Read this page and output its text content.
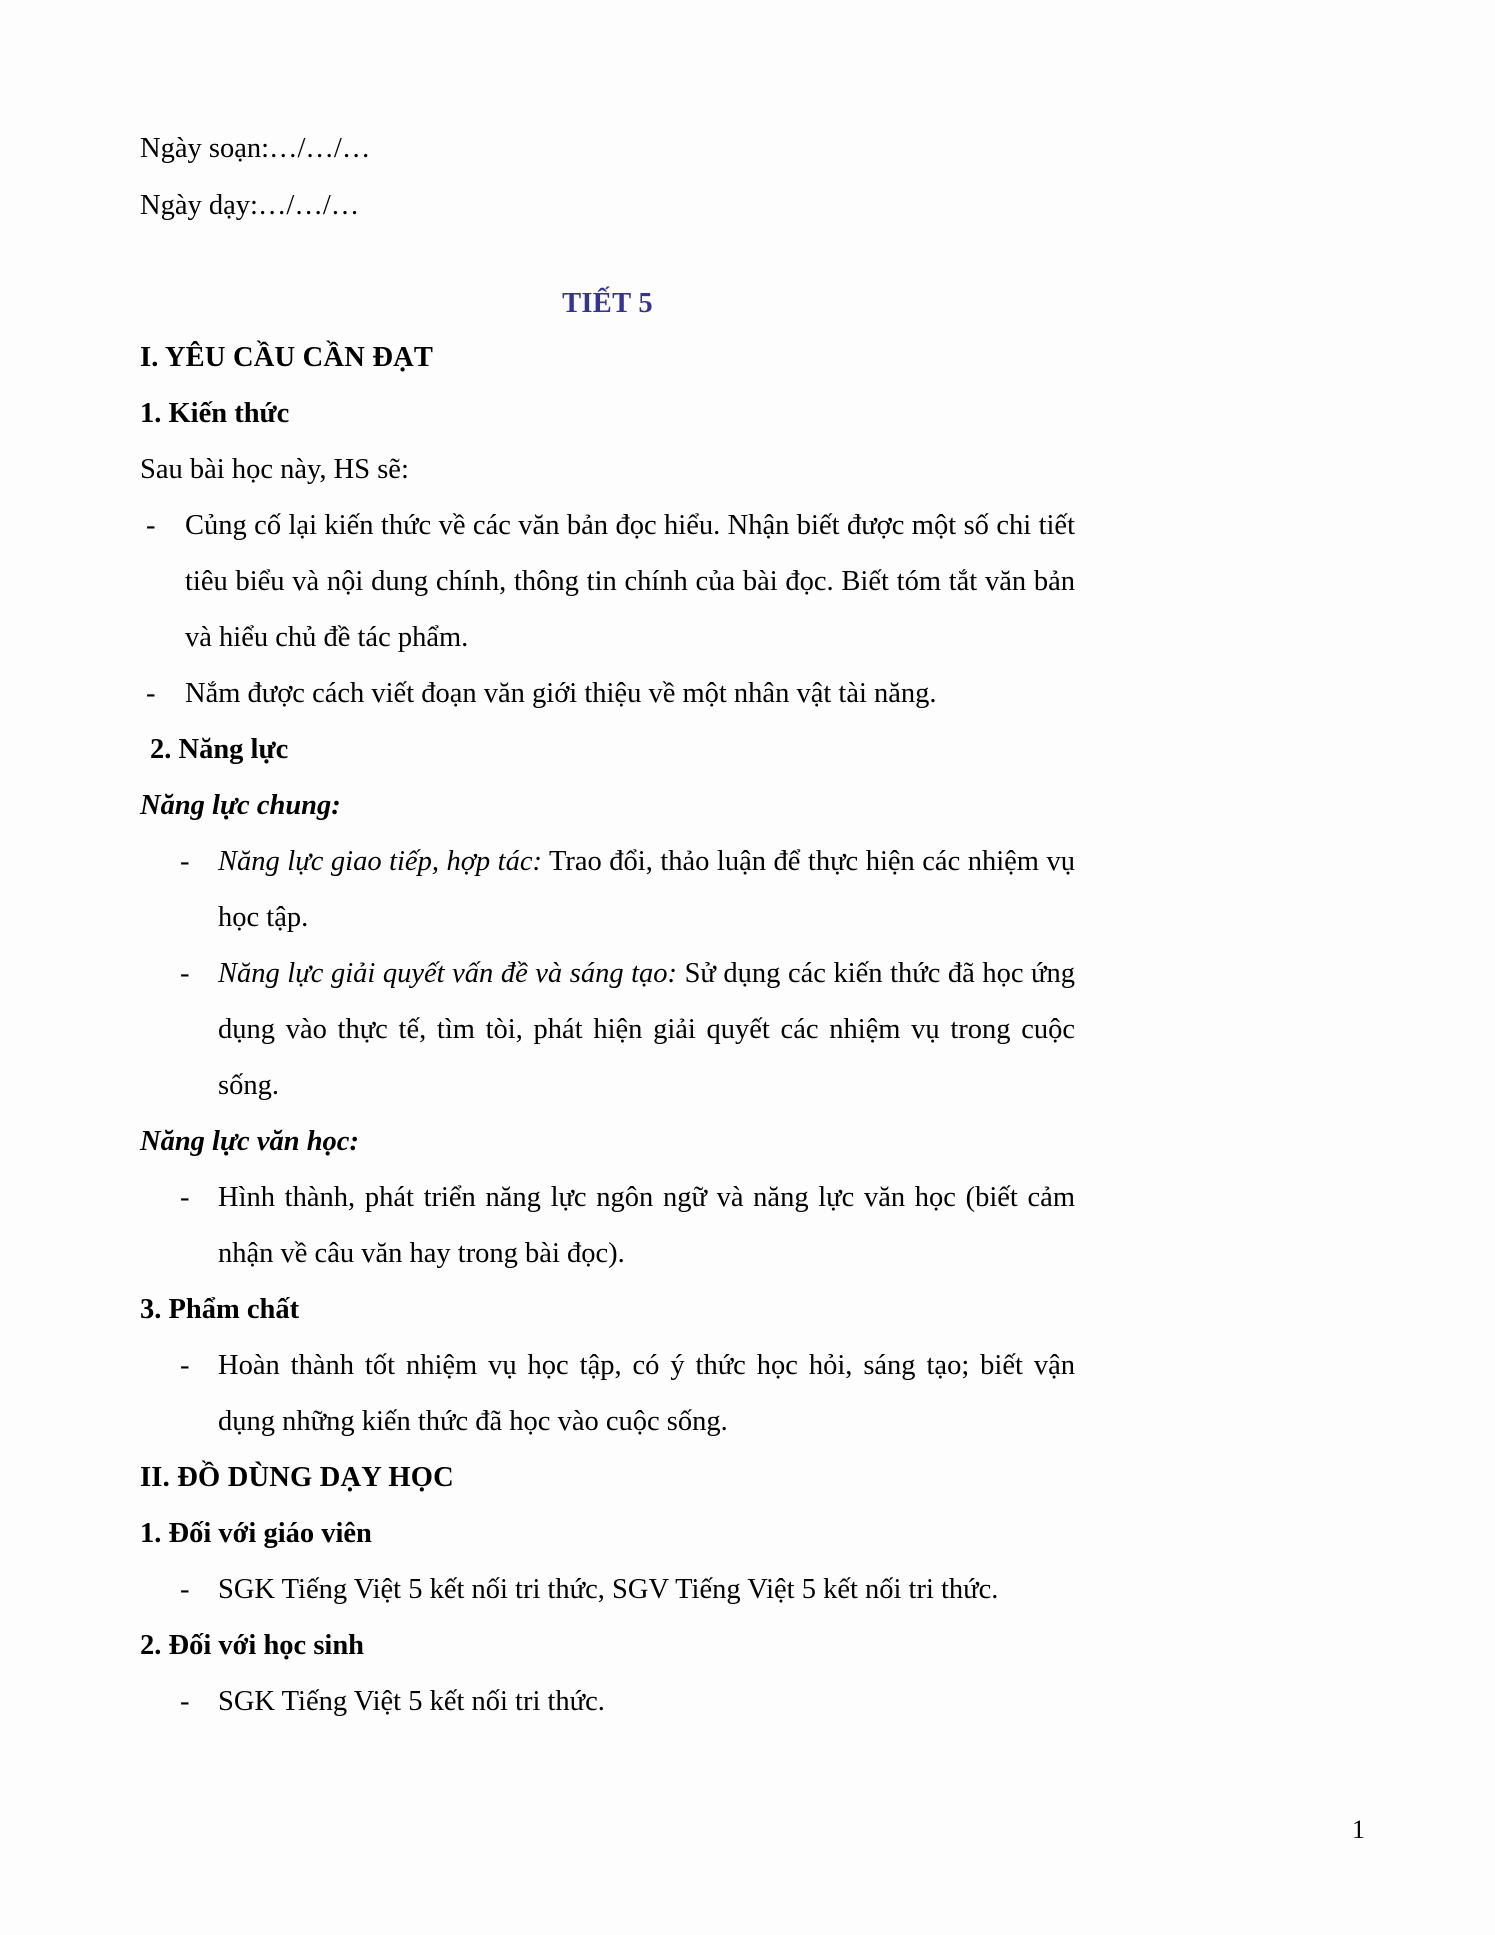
Ngày soạn:…/…/…

Ngày dạy:…/…/…

TIẾT 5

I. YÊU CẦU CẦN ĐẠT

1. Kiến thức

Sau bài học này, HS sẽ:

- Củng cố lại kiến thức về các văn bản đọc hiểu. Nhận biết được một số chi tiết tiêu biểu và nội dung chính, thông tin chính của bài đọc. Biết tóm tắt văn bản và hiểu chủ đề tác phẩm.

- Nắm được cách viết đoạn văn giới thiệu về một nhân vật tài năng.

2. Năng lực

Năng lực chung:

- Năng lực giao tiếp, hợp tác: Trao đổi, thảo luận để thực hiện các nhiệm vụ học tập.

- Năng lực giải quyết vấn đề và sáng tạo: Sử dụng các kiến thức đã học ứng dụng vào thực tế, tìm tòi, phát hiện giải quyết các nhiệm vụ trong cuộc sống.

Năng lực văn học:

- Hình thành, phát triển năng lực ngôn ngữ và năng lực văn học (biết cảm nhận về câu văn hay trong bài đọc).

3. Phẩm chất

- Hoàn thành tốt nhiệm vụ học tập, có ý thức học hỏi, sáng tạo; biết vận dụng những kiến thức đã học vào cuộc sống.

II. ĐỒ DÙNG DẠY HỌC

1. Đối với giáo viên

- SGK Tiếng Việt 5 kết nối tri thức, SGV Tiếng Việt 5 kết nối tri thức.

2. Đối với học sinh

- SGK Tiếng Việt 5 kết nối tri thức.

1
